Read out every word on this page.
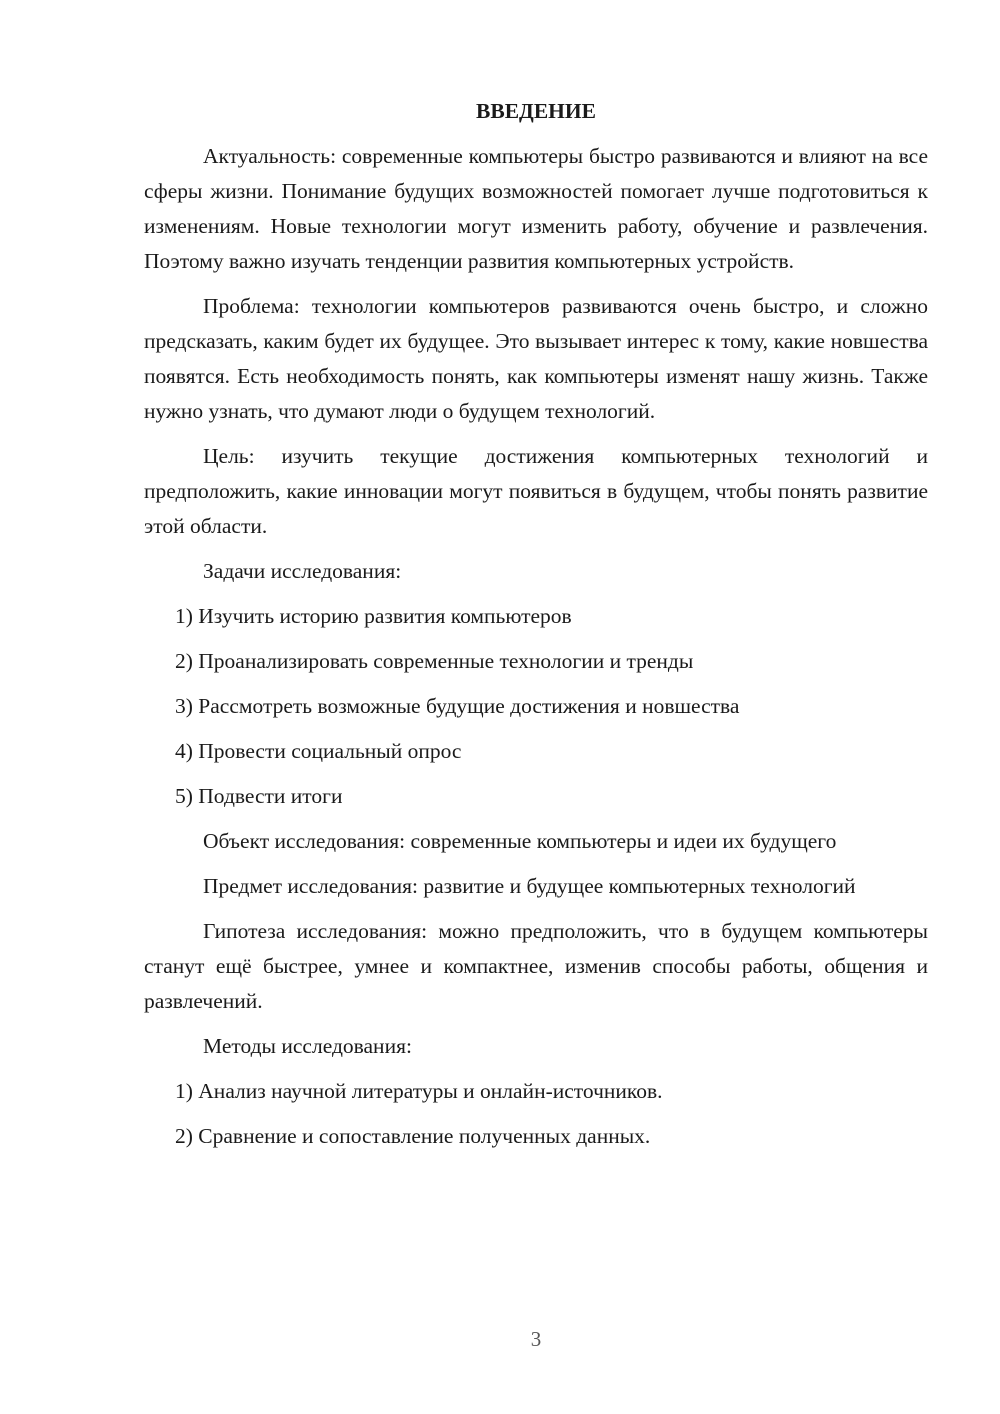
ВВЕДЕНИЕ

Актуальность: современные компьютеры быстро развиваются и влияют на все сферы жизни. Понимание будущих возможностей помогает лучше подготовиться к изменениям. Новые технологии могут изменить работу, обучение и развлечения. Поэтому важно изучать тенденции развития компьютерных устройств.

Проблема: технологии компьютеров развиваются очень быстро, и сложно предсказать, каким будет их будущее. Это вызывает интерес к тому, какие новшества появятся. Есть необходимость понять, как компьютеры изменят нашу жизнь. Также нужно узнать, что думают люди о будущем технологий.

Цель: изучить текущие достижения компьютерных технологий и предположить, какие инновации могут появиться в будущем, чтобы понять развитие этой области.

Задачи исследования:
1) Изучить историю развития компьютеров
2) Проанализировать современные технологии и тренды
3) Рассмотреть возможные будущие достижения и новшества
4) Провести социальный опрос
5) Подвести итоги

Объект исследования: современные компьютеры и идеи их будущего

Предмет исследования: развитие и будущее компьютерных технологий

Гипотеза исследования: можно предположить, что в будущем компьютеры станут ещё быстрее, умнее и компактнее, изменив способы работы, общения и развлечений.

Методы исследования:
1) Анализ научной литературы и онлайн-источников.
2) Сравнение и сопоставление полученных данных.
3
